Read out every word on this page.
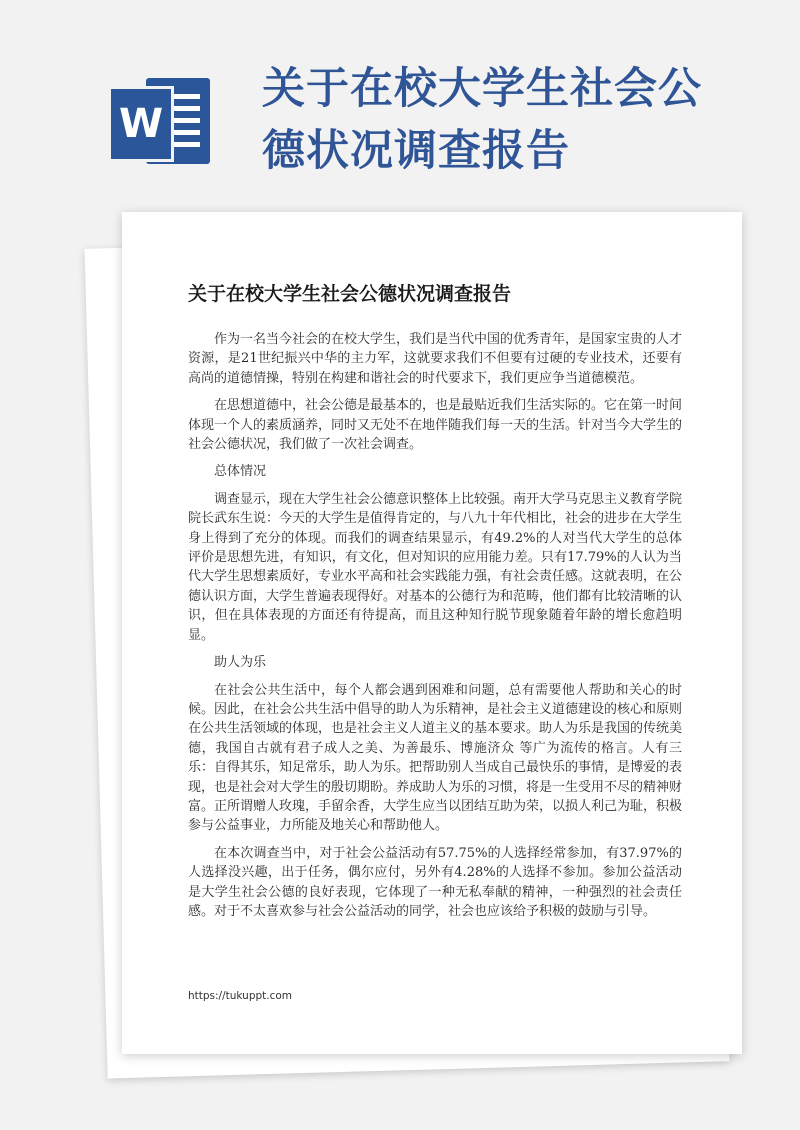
W
关于在校大学生社会公德状况调查报告
关于在校大学生社会公德状况调查报告

作为一名当今社会的在校大学生，我们是当代中国的优秀青年，是国家宝贵的人才资源，是21世纪振兴中华的主力军，这就要求我们不但要有过硬的专业技术，还要有高尚的道德情操，特别在构建和谐社会的时代要求下，我们更应争当道德模范。

在思想道德中，社会公德是最基本的，也是最贴近我们生活实际的。它在第一时间体现一个人的素质涵养，同时又无处不在地伴随我们每一天的生活。针对当今大学生的社会公德状况，我们做了一次社会调查。

总体情况

调查显示，现在大学生社会公德意识整体上比较强。南开大学马克思主义教育学院院长武东生说：今天的大学生是值得肯定的，与八九十年代相比，社会的进步在大学生身上得到了充分的体现。而我们的调查结果显示，有49.2%的人对当代大学生的总体评价是思想先进，有知识，有文化，但对知识的应用能力差。只有17.79%的人认为当代大学生思想素质好，专业水平高和社会实践能力强，有社会责任感。这就表明，在公德认识方面，大学生普遍表现得好。对基本的公德行为和范畴，他们都有比较清晰的认识，但在具体表现的方面还有待提高，而且这种知行脱节现象随着年龄的增长愈趋明显。

助人为乐

在社会公共生活中，每个人都会遇到困难和问题，总有需要他人帮助和关心的时候。因此，在社会公共生活中倡导的助人为乐精神，是社会主义道德建设的核心和原则在公共生活领域的体现，也是社会主义人道主义的基本要求。助人为乐是我国的传统美德，我国自古就有君子成人之美、为善最乐、博施济众 等广为流传的格言。人有三乐：自得其乐，知足常乐，助人为乐。把帮助别人当成自己最快乐的事情，是博爱的表现，也是社会对大学生的殷切期盼。养成助人为乐的习惯，将是一生受用不尽的精神财富。正所谓赠人玫瑰，手留余香，大学生应当以团结互助为荣，以损人利己为耻，积极参与公益事业，力所能及地关心和帮助他人。

在本次调查当中，对于社会公益活动有57.75%的人选择经常参加，有37.97%的人选择没兴趣，出于任务，偶尔应付，另外有4.28%的人选择不参加。参加公益活动是大学生社会公德的良好表现，它体现了一种无私奉献的精神，一种强烈的社会责任感。对于不太喜欢参与社会公益活动的同学，社会也应该给予积极的鼓励与引导。

https://tukuppt.com
